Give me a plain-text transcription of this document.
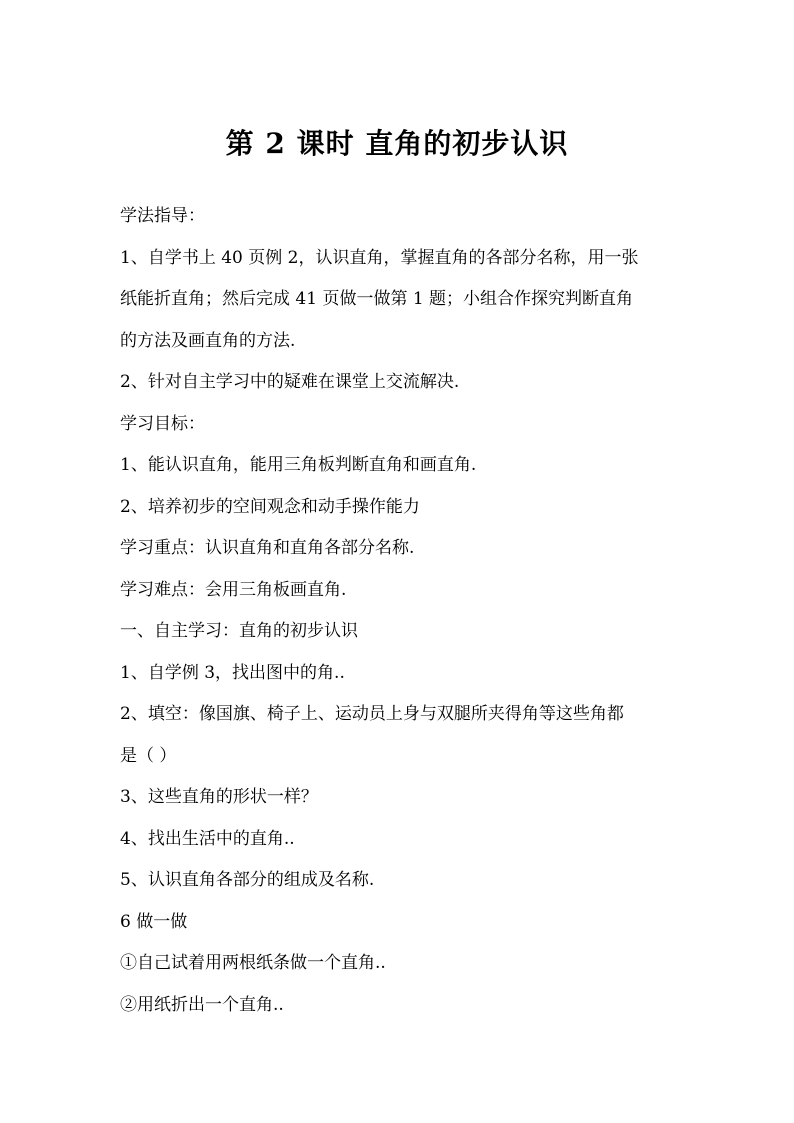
第 2 课时 直角的初步认识

学法指导：

1、自学书上 40 页例 2，认识直角，掌握直角的各部分名称，用一张

纸能折直角；然后完成 41 页做一做第 1 题；小组合作探究判断直角

的方法及画直角的方法.

2、针对自主学习中的疑难在课堂上交流解决.

学习目标：

1、能认识直角，能用三角板判断直角和画直角.

2、培养初步的空间观念和动手操作能力

学习重点：认识直角和直角各部分名称.

学习难点：会用三角板画直角.

一、自主学习：直角的初步认识

1、自学例 3，找出图中的角..

2、填空：像国旗、椅子上、运动员上身与双腿所夹得角等这些角都

是（ ）

3、这些直角的形状一样？

4、找出生活中的直角..

5、认识直角各部分的组成及名称.

6 做一做

①自己试着用两根纸条做一个直角..

②用纸折出一个直角..
